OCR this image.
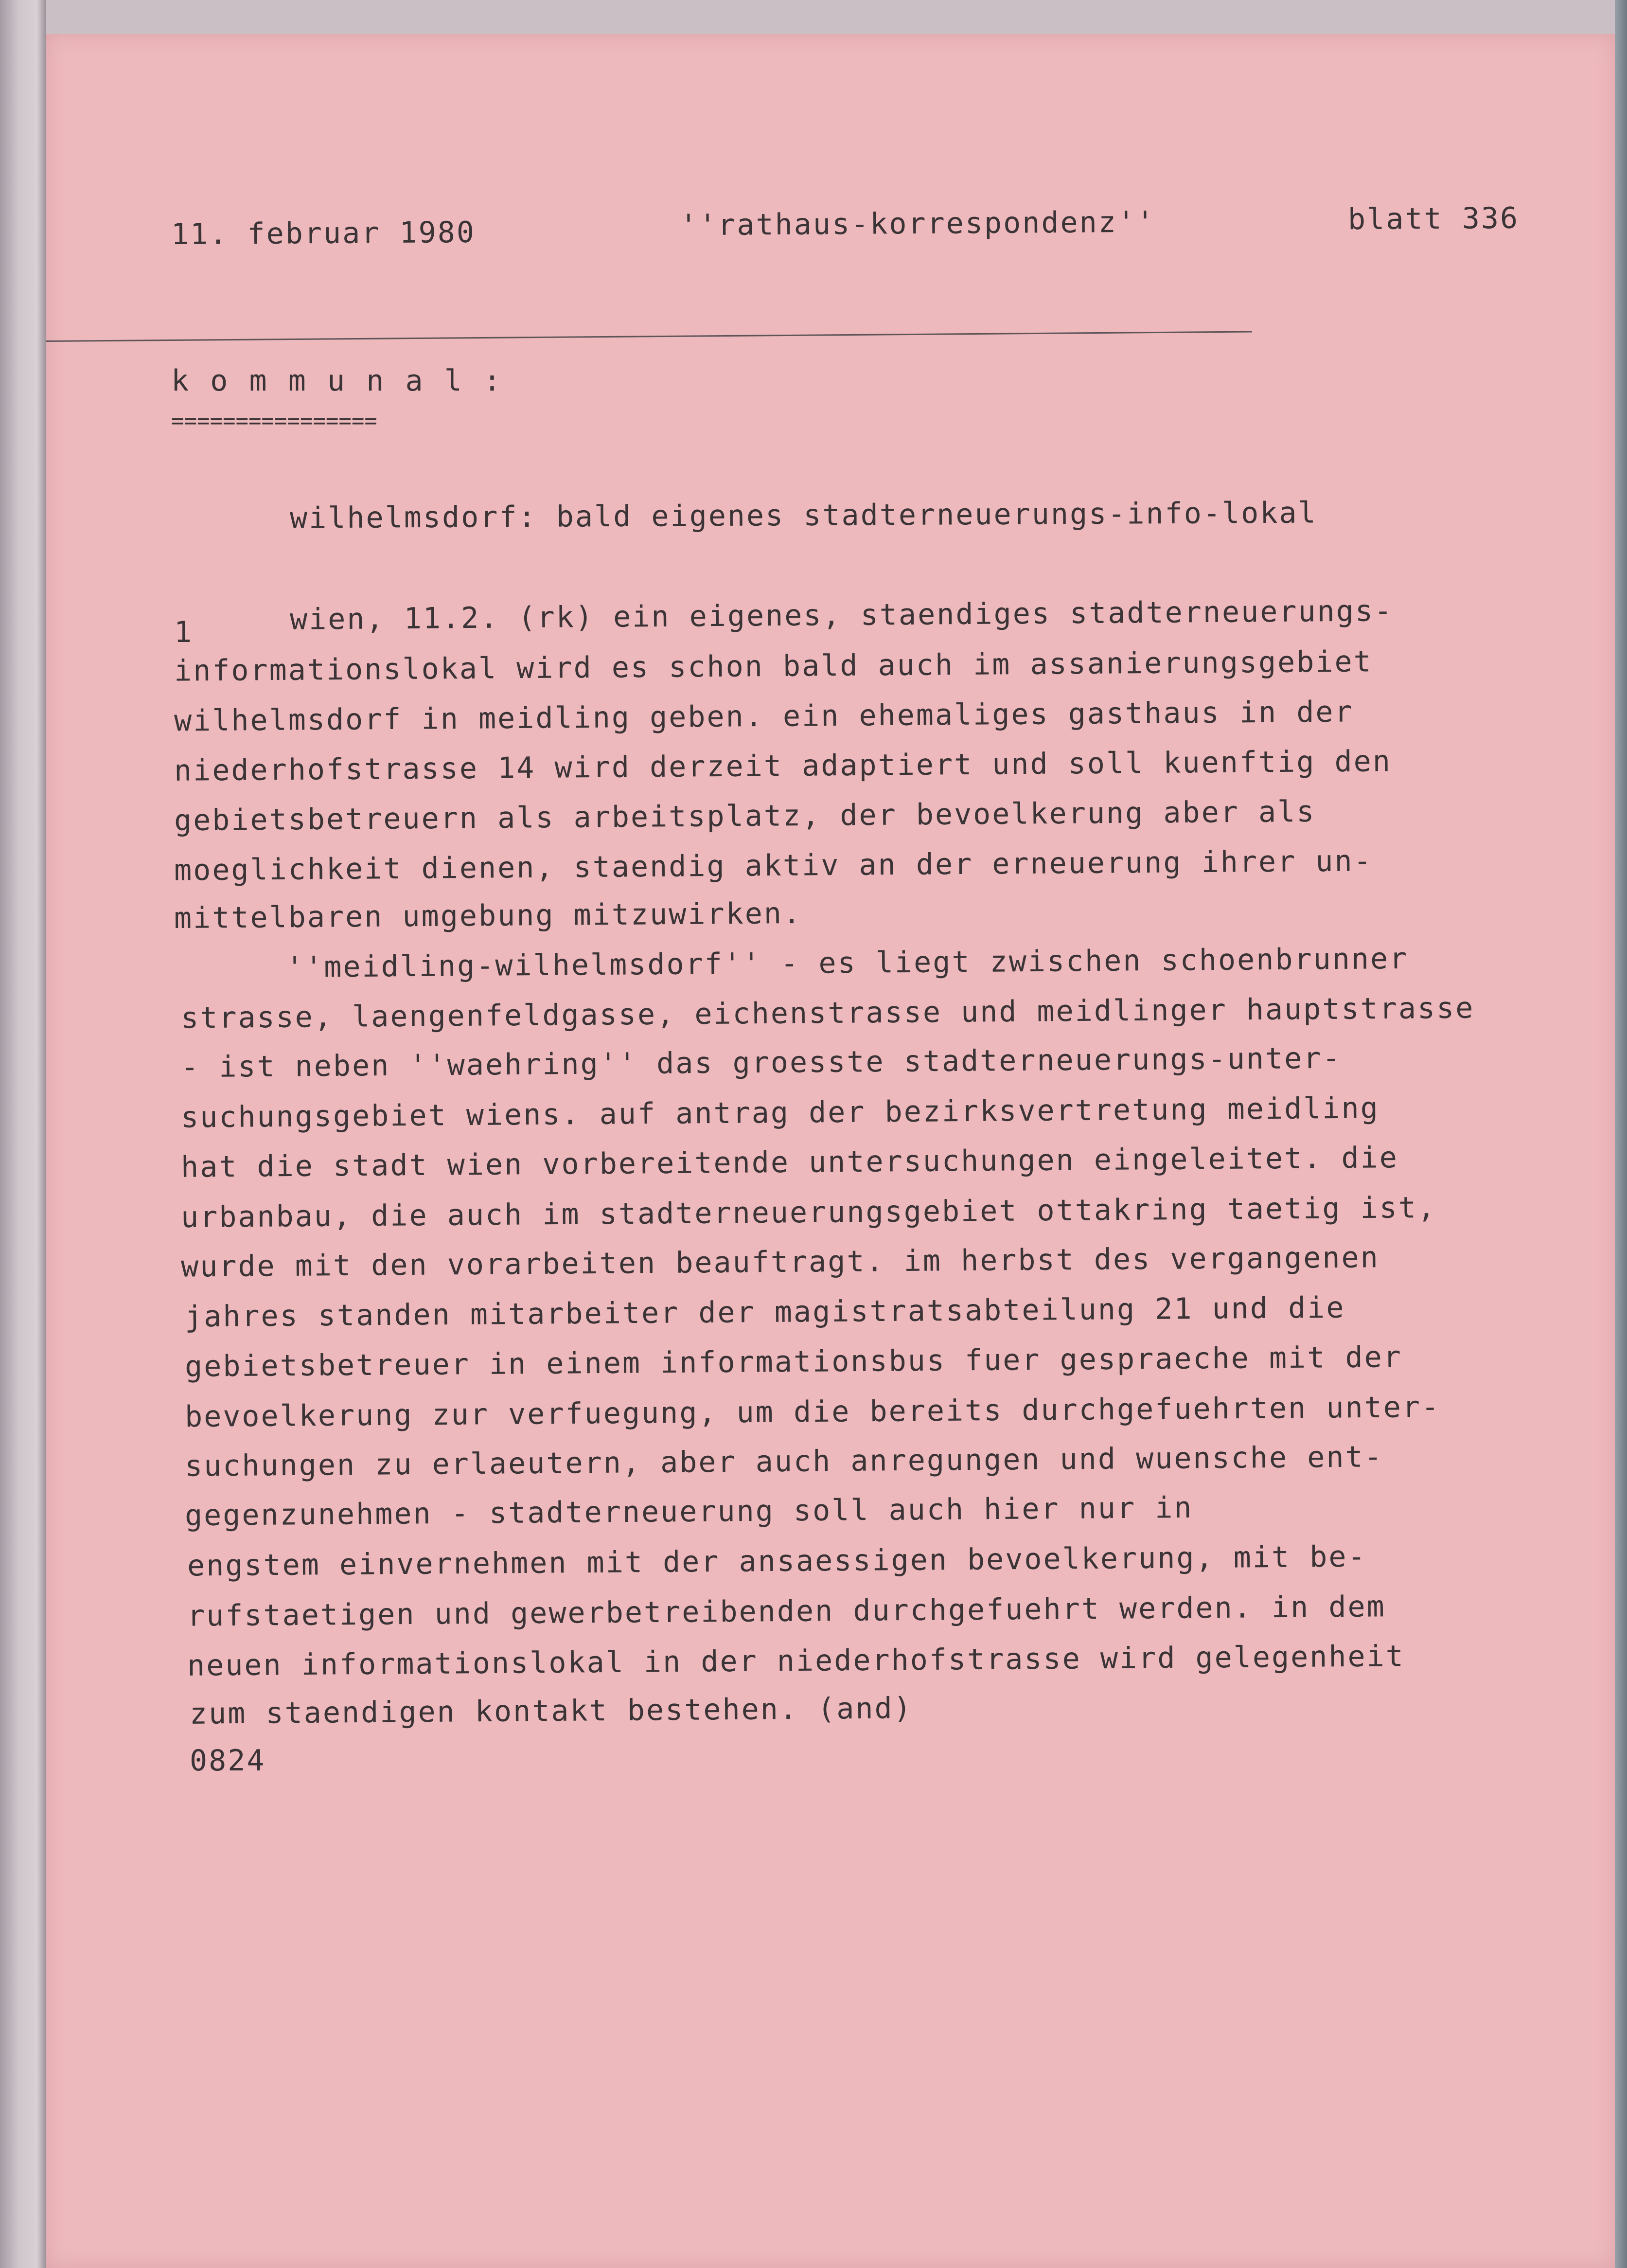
11. februar 1980	''rathaus-korrespondenz''	blatt 336
k o m m u n a l :
================
wilhelmsdorf: bald eigenes stadterneuerungs-info-lokal
1	wien, 11.2. (rk) ein eigenes, staendiges stadterneuerungs-
informationslokal wird es schon bald auch im assanierungsgebiet
wilhelmsdorf in meidling geben. ein ehemaliges gasthaus in der
niederhofstrasse 14 wird derzeit adaptiert und soll kuenftig den
gebietsbetreuern als arbeitsplatz, der bevoelkerung aber als
moeglichkeit dienen, staendig aktiv an der erneuerung ihrer un-
mittelbaren umgebung mitzuwirken.
''meidling-wilhelmsdorf'' - es liegt zwischen schoenbrunner
strasse, laengenfeldgasse, eichenstrasse und meidlinger hauptstrasse
- ist neben ''waehring'' das groesste stadterneuerungs-unter-
suchungsgebiet wiens. auf antrag der bezirksvertretung meidling
hat die stadt wien vorbereitende untersuchungen eingeleitet. die
urbanbau, die auch im stadterneuerungsgebiet ottakring taetig ist,
wurde mit den vorarbeiten beauftragt. im herbst des vergangenen
jahres standen mitarbeiter der magistratsabteilung 21 und die
gebietsbetreuer in einem informationsbus fuer gespraeche mit der
bevoelkerung zur verfuegung, um die bereits durchgefuehrten unter-
suchungen zu erlaeutern, aber auch anregungen und wuensche ent-
gegenzunehmen - stadterneuerung soll auch hier nur in
engstem einvernehmen mit der ansaessigen bevoelkerung, mit be-
rufstaetigen und gewerbetreibenden durchgefuehrt werden. in dem
neuen informationslokal in der niederhofstrasse wird gelegenheit
zum staendigen kontakt bestehen. (and)
0824
